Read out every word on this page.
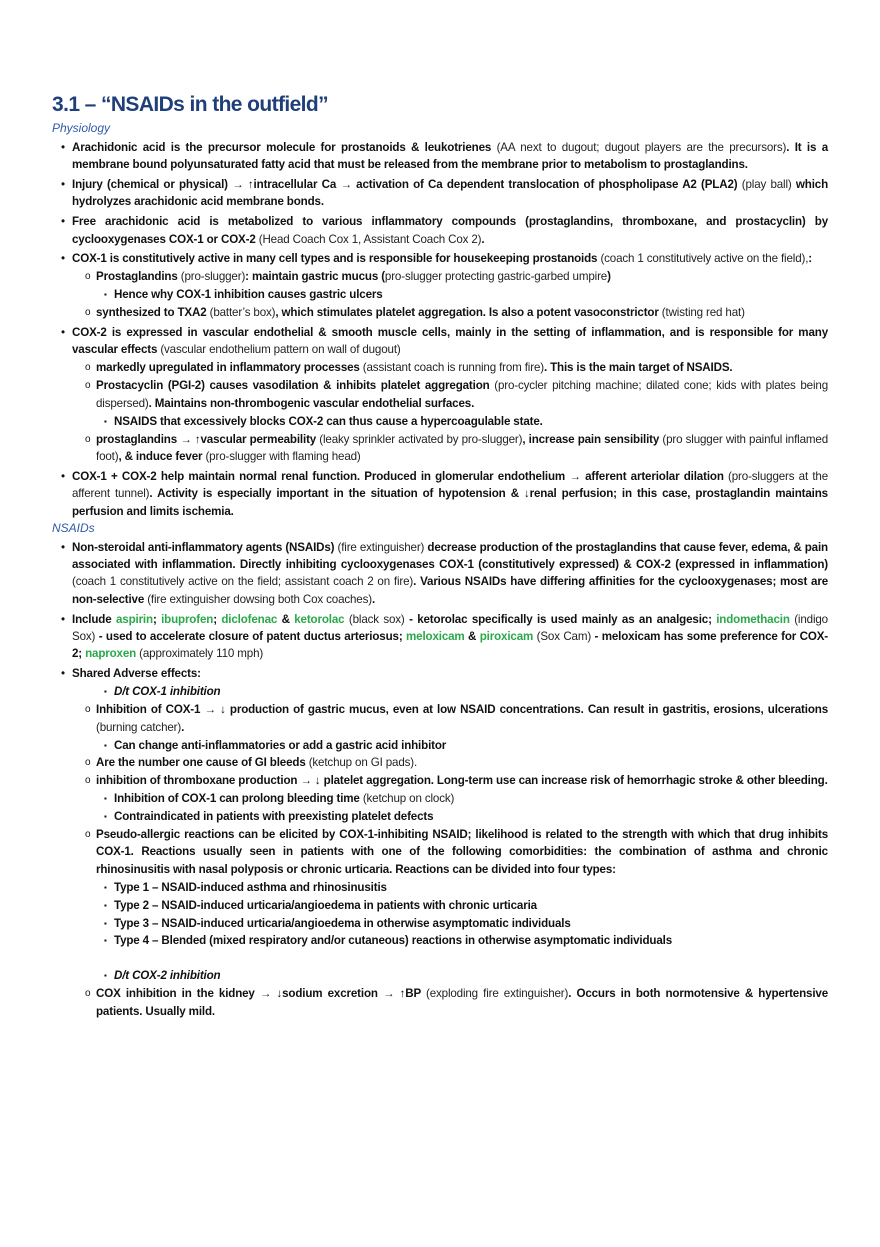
3.1 – “NSAIDs in the outfield”
Physiology
• Arachidonic acid is the precursor molecule for prostanoids & leukotrienes (AA next to dugout; dugout players are the precursors). It is a membrane bound polyunsaturated fatty acid that must be released from the membrane prior to metabolism to prostaglandins.
• Injury (chemical or physical) → ↑intracellular Ca → activation of Ca dependent translocation of phospholipase A2 (PLA2) (play ball) which hydrolyzes arachidonic acid membrane bonds.
• Free arachidonic acid is metabolized to various inflammatory compounds (prostaglandins, thromboxane, and prostacyclin) by cyclooxygenases COX-1 or COX-2 (Head Coach Cox 1, Assistant Coach Cox 2).
• COX-1 is constitutively active in many cell types and is responsible for housekeeping prostanoids (coach 1 constitutively active on the field),:
o Prostaglandins (pro-slugger): maintain gastric mucus (pro-slugger protecting gastric-garbed umpire)
▪ Hence why COX-1 inhibition causes gastric ulcers
o synthesized to TXA2 (batter’s box), which stimulates platelet aggregation. Is also a potent vasoconstrictor (twisting red hat)
• COX-2 is expressed in vascular endothelial & smooth muscle cells, mainly in the setting of inflammation, and is responsible for many vascular effects (vascular endothelium pattern on wall of dugout)
o markedly upregulated in inflammatory processes (assistant coach is running from fire). This is the main target of NSAIDS.
o Prostacyclin (PGI-2) causes vasodilation & inhibits platelet aggregation (pro-cycler pitching machine; dilated cone; kids with plates being dispersed). Maintains non-thrombogenic vascular endothelial surfaces.
▪ NSAIDS that excessively blocks COX-2 can thus cause a hypercoagulable state.
o prostaglandins → ↑vascular permeability (leaky sprinkler activated by pro-slugger), increase pain sensibility (pro slugger with painful inflamed foot), & induce fever (pro-slugger with flaming head)
• COX-1 + COX-2 help maintain normal renal function. Produced in glomerular endothelium → afferent arteriolar dilation (pro-sluggers at the afferent tunnel). Activity is especially important in the situation of hypotension & ↓renal perfusion; in this case, prostaglandin maintains perfusion and limits ischemia.
NSAIDs
• Non-steroidal anti-inflammatory agents (NSAIDs) (fire extinguisher) decrease production of the prostaglandins that cause fever, edema, & pain associated with inflammation. Directly inhibiting cyclooxygenases COX-1 (constitutively expressed) & COX-2 (expressed in inflammation) (coach 1 constitutively active on the field; assistant coach 2 on fire). Various NSAIDs have differing affinities for the cyclooxygenases; most are non-selective (fire extinguisher dowsing both Cox coaches).
• Include aspirin; ibuprofen; diclofenac & ketorolac (black sox) - ketorolac specifically is used mainly as an analgesic; indomethacin (indigo Sox) - used to accelerate closure of patent ductus arteriosus; meloxicam & piroxicam (Sox Cam) - meloxicam has some preference for COX-2; naproxen (approximately 110 mph)
• Shared Adverse effects:
▪ D/t COX-1 inhibition
o Inhibition of COX-1 → ↓ production of gastric mucus, even at low NSAID concentrations. Can result in gastritis, erosions, ulcerations (burning catcher).
▪ Can change anti-inflammatories or add a gastric acid inhibitor
o Are the number one cause of GI bleeds (ketchup on GI pads).
o inhibition of thromboxane production → ↓ platelet aggregation. Long-term use can increase risk of hemorrhagic stroke & other bleeding.
▪ Inhibition of COX-1 can prolong bleeding time (ketchup on clock)
▪ Contraindicated in patients with preexisting platelet defects
o Pseudo-allergic reactions can be elicited by COX-1-inhibiting NSAID; likelihood is related to the strength with which that drug inhibits COX-1. Reactions usually seen in patients with one of the following comorbidities: the combination of asthma and chronic rhinosinusitis with nasal polyposis or chronic urticaria. Reactions can be divided into four types:
▪ Type 1 – NSAID-induced asthma and rhinosinusitis
▪ Type 2 – NSAID-induced urticaria/angioedema in patients with chronic urticaria
▪ Type 3 – NSAID-induced urticaria/angioedema in otherwise asymptomatic individuals
▪ Type 4 – Blended (mixed respiratory and/or cutaneous) reactions in otherwise asymptomatic individuals
▪ D/t COX-2 inhibition
o COX inhibition in the kidney → ↓sodium excretion → ↑BP (exploding fire extinguisher). Occurs in both normotensive & hypertensive patients. Usually mild.
